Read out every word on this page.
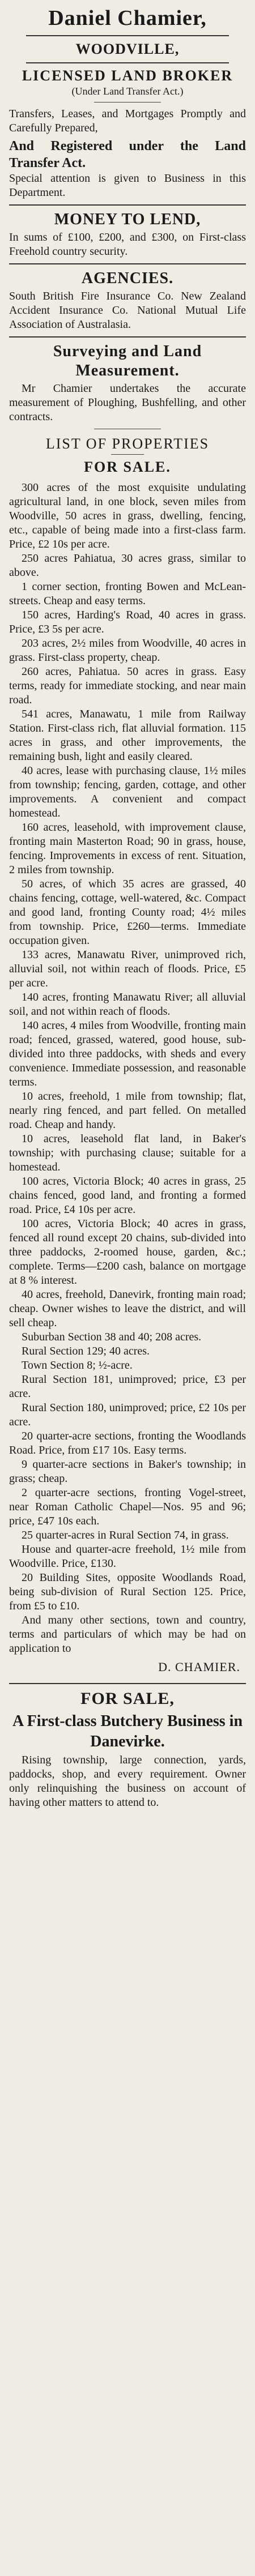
Daniel Chamier,
WOODVILLE,
LICENSED LAND BROKER
(Under Land Transfer Act.)

Transfers, Leases, and Mortgages Promptly and Carefully Prepared,

And Registered under the Land Transfer Act.

Special attention is given to Business in this Department.

MONEY TO LEND,

In sums of £100, £200, and £300, on First-class Freehold country security.

AGENCIES.

South British Fire Insurance Co. New Zealand Accident Insurance Co. National Mutual Life Association of Australasia.

Surveying and Land Measurement.

Mr Chamier undertakes the accurate measurement of Ploughing, Bushfelling, and other contracts.

LIST OF PROPERTIES
FOR SALE.

300 acres of the most exquisite undulating agricultural land, in one block, seven miles from Woodville, 50 acres in grass, dwelling, fencing, etc., capable of being made into a first-class farm. Price, £2 10s per acre.

250 acres Pahiatua, 30 acres grass, similar to above.

1 corner section, fronting Bowen and McLean-streets. Cheap and easy terms.

150 acres, Harding's Road, 40 acres in grass. Price, £3 5s per acre.

203 acres, 2½ miles from Woodville, 40 acres in grass. First-class property, cheap.

260 acres, Pahiatua. 50 acres in grass. Easy terms, ready for immediate stocking, and near main road.

541 acres, Manawatu, 1 mile from Railway Station. First-class rich, flat alluvial formation. 115 acres in grass, and other improvements, the remaining bush, light and easily cleared.

40 acres, lease with purchasing clause, 1½ miles from township; fencing, garden, cottage, and other improvements. A convenient and compact homestead.

160 acres, leasehold, with improvement clause, fronting main Masterton Road; 90 in grass, house, fencing. Improvements in excess of rent. Situation, 2 miles from township.

50 acres, of which 35 acres are grassed, 40 chains fencing, cottage, well-watered, &c. Compact and good land, fronting County road; 4½ miles from township. Price, £260—terms. Immediate occupation given.

133 acres, Manawatu River, unimproved rich, alluvial soil, not within reach of floods. Price, £5 per acre.

140 acres, fronting Manawatu River; all alluvial soil, and not within reach of floods.

140 acres, 4 miles from Woodville, fronting main road; fenced, grassed, watered, good house, sub-divided into three paddocks, with sheds and every convenience. Immediate possession, and reasonable terms.

10 acres, freehold, 1 mile from township; flat, nearly ring fenced, and part felled. On metalled road. Cheap and handy.

10 acres, leasehold flat land, in Baker's township; with purchasing clause; suitable for a homestead.

100 acres, Victoria Block; 40 acres in grass, 25 chains fenced, good land, and fronting a formed road. Price, £4 10s per acre.

100 acres, Victoria Block; 40 acres in grass, fenced all round except 20 chains, sub-divided into three paddocks, 2-roomed house, garden, &c.; complete. Terms—£200 cash, balance on mortgage at 8 % interest.

40 acres, freehold, Danevirk, fronting main road; cheap. Owner wishes to leave the district, and will sell cheap.

Suburban Section 38 and 40; 208 acres.

Rural Section 129; 40 acres.

Town Section 8; ½-acre.

Rural Section 181, unimproved; price, £3 per acre.

Rural Section 180, unimproved; price, £2 10s per acre.

20 quarter-acre sections, fronting the Woodlands Road. Price, from £17 10s. Easy terms.

9 quarter-acre sections in Baker's township; in grass; cheap.

2 quarter-acre sections, fronting Vogel-street, near Roman Catholic Chapel—Nos. 95 and 96; price, £47 10s each.

25 quarter-acres in Rural Section 74, in grass.

House and quarter-acre freehold, 1½ mile from Woodville. Price, £130.

20 Building Sites, opposite Woodlands Road, being sub-division of Rural Section 125. Price, from £5 to £10.

And many other sections, town and country, terms and particulars of which may be had on application to

D. CHAMIER.
FOR SALE,
A First-class Butchery Business in Danevirke.

Rising township, large connection, yards, paddocks, shop, and every requirement. Owner only relinquishing the business on account of having other matters to attend to.
